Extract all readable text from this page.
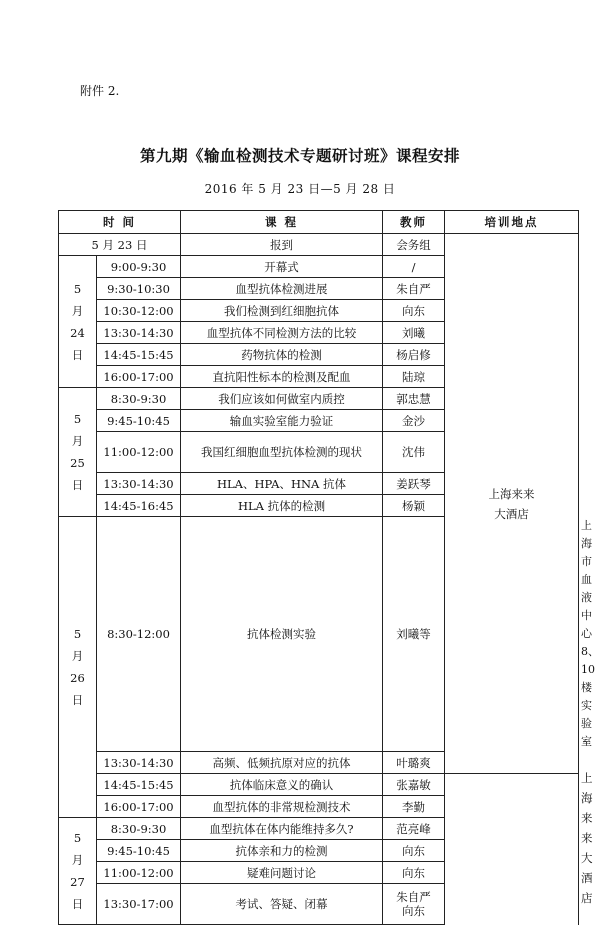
附件 2.
第九期《输血检测技术专题研讨班》课程安排
2016 年 5 月 23 日—5 月 28 日
时 间		课 程	教师	培训地点	
5 月 23 日		报到	会务组	上海来来
大酒店	

5
月
24
日	9:00-9:30	开幕式	/		
	9:30-10:30	血型抗体检测进展	朱自严		
	10:30-12:00	我们检测到红细胞抗体	向东		
	13:30-14:30	血型抗体不同检测方法的比较	刘曦		
	14:45-15:45	药物抗体的检测	杨启修		
	16:00-17:00	直抗阳性标本的检测及配血	陆琼		

5
月
25
日	8:30-9:30	我们应该如何做室内质控	郭忠慧		
	9:45-10:45	输血实验室能力验证	金沙		
	11:00-12:00	我国红细胞血型抗体检测的现状	沈伟		
	13:30-14:30	HLA、HPA、HNA 抗体	姜跃琴		
	14:45-16:45	HLA 抗体的检测	杨颖		

5
月
26
日	8:30-12:00	抗体检测实验	刘曦等		上海市血液中心
8、10 楼实验室
	13:30-14:30	高频、低频抗原对应的抗体	叶璐爽		上海来来
大酒店
	14:45-15:45	抗体临床意义的确认	张嘉敏		
	16:00-17:00	血型抗体的非常规检测技术	李勤		

5
月
27
日	8:30-9:30	血型抗体在体内能维持多久?	范亮峰		
	9:45-10:45	抗体亲和力的检测	向东		
	11:00-12:00	疑难问题讨论	向东		
	13:30-17:00	考试、答疑、闭幕	朱自严
向东		
